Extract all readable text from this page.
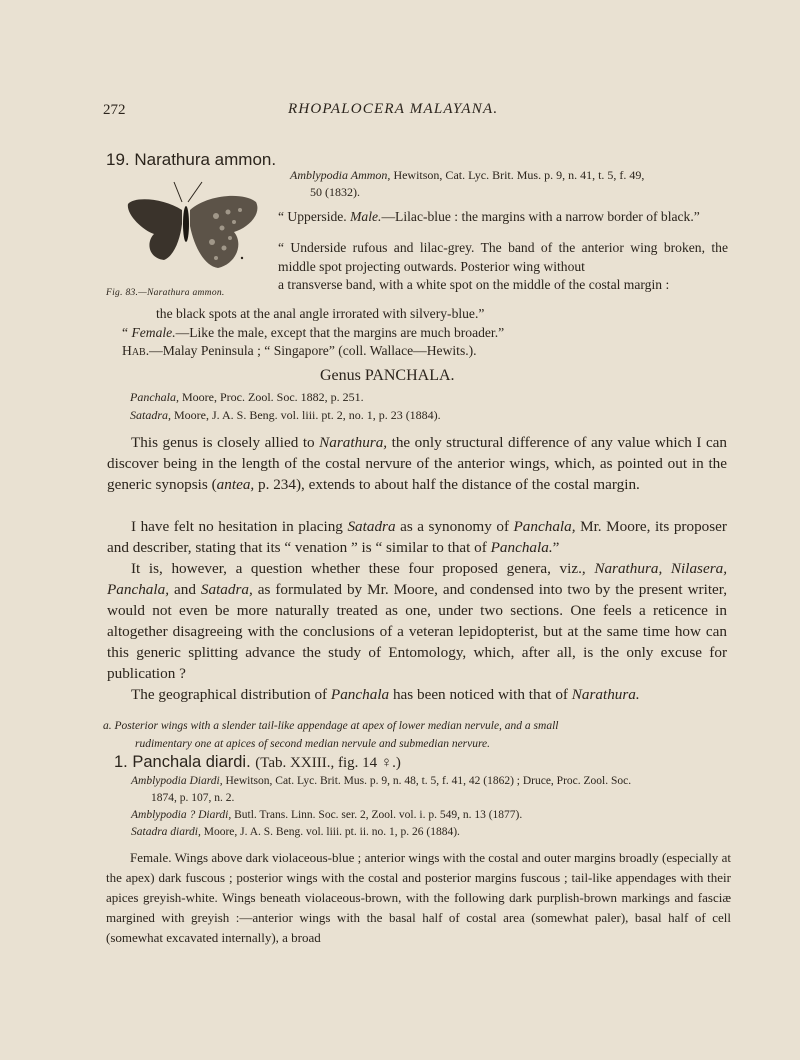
272	RHOPALOCERA MALAYANA.
19. Narathura ammon.
Amblypodia Ammon, Hewitson, Cat. Lyc. Brit. Mus. p. 9, n. 41, t. 5, f. 49,
50 (1832).
Fig. 83.—Narathura ammon.
“ Upperside. Male.—Lilac-blue : the margins with a narrow border of black.”
“ Underside rufous and lilac-grey. The band of the anterior wing broken, the middle spot projecting outwards. Posterior wing without
a transverse band, with a white spot on the middle of the costal margin :
the black spots at the anal angle irrorated with silvery-blue.”
“ Female.—Like the male, except that the margins are much broader.”
Hab.—Malay Peninsula ; “ Singapore” (coll. Wallace—Hewits.).
Genus PANCHALA.
Panchala, Moore, Proc. Zool. Soc. 1882, p. 251.
Satadra, Moore, J. A. S. Beng. vol. liii. pt. 2, no. 1, p. 23 (1884).
This genus is closely allied to Narathura, the only structural difference of any value which I can discover being in the length of the costal nervure of the anterior wings, which, as pointed out in the generic synopsis (antea, p. 234), extends to about half the distance of the costal margin.
I have felt no hesitation in placing Satadra as a synonomy of Panchala, Mr. Moore, its proposer and describer, stating that its “ venation ” is “ similar to that of Panchala.”
It is, however, a question whether these four proposed genera, viz., Narathura, Nilasera, Panchala, and Satadra, as formulated by Mr. Moore, and condensed into two by the present writer, would not even be more naturally treated as one, under two sections. One feels a reticence in altogether disagreeing with the conclusions of a veteran lepidopterist, but at the same time how can this generic splitting advance the study of Entomology, which, after all, is the only excuse for publication ?
The geographical distribution of Panchala has been noticed with that of Narathura.
a. Posterior wings with a slender tail-like appendage at apex of lower median nervule, and a small
rudimentary one at apices of second median nervule and submedian nervure.
1. Panchala diardi. (Tab. XXIII., fig. 14 ♀.)
Amblypodia Diardi, Hewitson, Cat. Lyc. Brit. Mus. p. 9, n. 48, t. 5, f. 41, 42 (1862) ; Druce, Proc. Zool. Soc.
1874, p. 107, n. 2.
Amblypodia ? Diardi, Butl. Trans. Linn. Soc. ser. 2, Zool. vol. i. p. 549, n. 13 (1877).
Female. Wings above dark violaceous-blue ; anterior wings with the costal and outer margins broadly (especially at the apex) dark fuscous ; posterior wings with the costal and posterior margins fuscous ; tail-like appendages with their apices greyish-white. Wings beneath violaceous-brown, with the following dark purplish-brown markings and fasciæ margined with greyish :—anterior wings with the basal half of costal area (somewhat paler), basal half of cell (somewhat excavated internally), a broad
Satadra diardi, Moore, J. A. S. Beng. vol. liii. pt. ii. no. 1, p. 26 (1884).
